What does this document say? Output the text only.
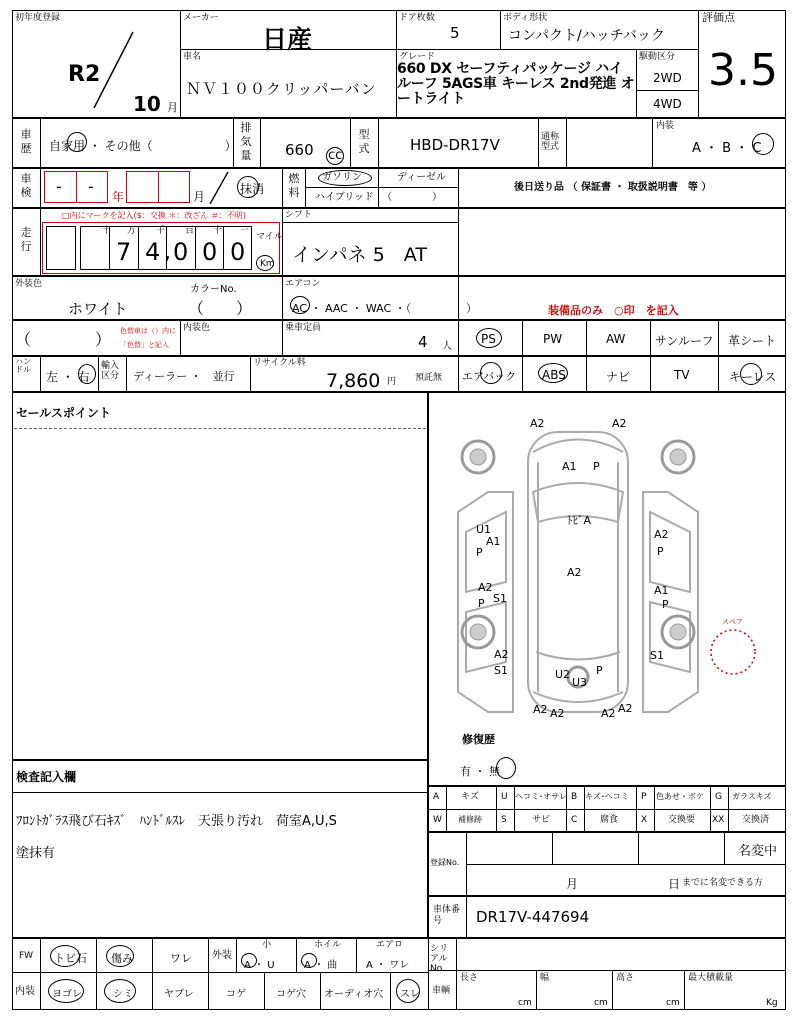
初年度登録
R2
10 月
メーカー
日産
車名
ＮＶ１００クリッパーバン
ドア枚数
5
ボディ形状
コンパクト/ハッチバック
グレード
660 DX セーフティパッケージ ハイルーフ 5AGS車 キーレス 2nd発進 オートライト
駆動区分
2WD
4WD
評価点
3.5
車歴 自家用 ・ その他（　　　　　　）
排気量 660 cc
型式	HBD-DR17V	通称型式
内装
A ・ B ・ C
車検 - -
年	月
抹消
燃料
ガソリン	ディーゼル
ハイブリッド （　　　　）
後日送り品 （ 保証書 ・ 取扱説明書　等 ）
走行
□内にマークを記入($：交換 ＊：改ざん ＃：不明)
十 万 千 百 十 一
7 4 , 0 0 0
マイル
Km
シフト
インパネ 5　AT
外装色
ホワイト
カラーNo.
（　　）
エアコン
AC ・ AAC ・ WAC ・（　　　　　）	装備品のみ　○印　を記入
（　　　　） 色替車は（）内に
「色替」と記入
内装色	乗車定員
4 人
PS	PW	AW サンルーフ 革シート
ハンドル
左 ・ 右
輸入区分	ディーラー ・　並行
リサイクル料
7,860 円 預託無 エアバック ABS	ナビ	TV	キーレス
セールスポイント
検査記入欄
ﾌﾛﾝﾄｶﾞﾗｽ飛び石ｷｽﾞ　ﾊﾝﾄﾞﾙｽﾚ　天張り汚れ　荷室A,U,S
塗抹有
A2	A2
A1 P
ﾄﾋﾞA
U1
A1
P
A2
P
A2
P S1
A2
A1
P
A2
S1
S1
U2
U3
P
A2 A2	A2 A2
スペア
修復歴
有 ・ 無
A キズ U ヘコミ･オサレ B キズ･ヘコミ P 色あせ・ボケ G ガラスキズ
W 補修跡 S	サビ C	腐食	X 交換要 XX 交換済
登録No.
名変中
月	日 までに名変できる方
車体番号	DR17V-447694
FW トビ石 傷み	ワレ 外装
小	ホイル	エアロ
A ・ U	A ・ 曲	A ・ ワレ
シリアルNo.
内装 ヨゴレ	シミ	ヤブレ	コゲ	コゲ穴 オーディオ穴 スレ 車輌
長さ
cm
幅
cm
高さ
cm
最大積載量
Kg
